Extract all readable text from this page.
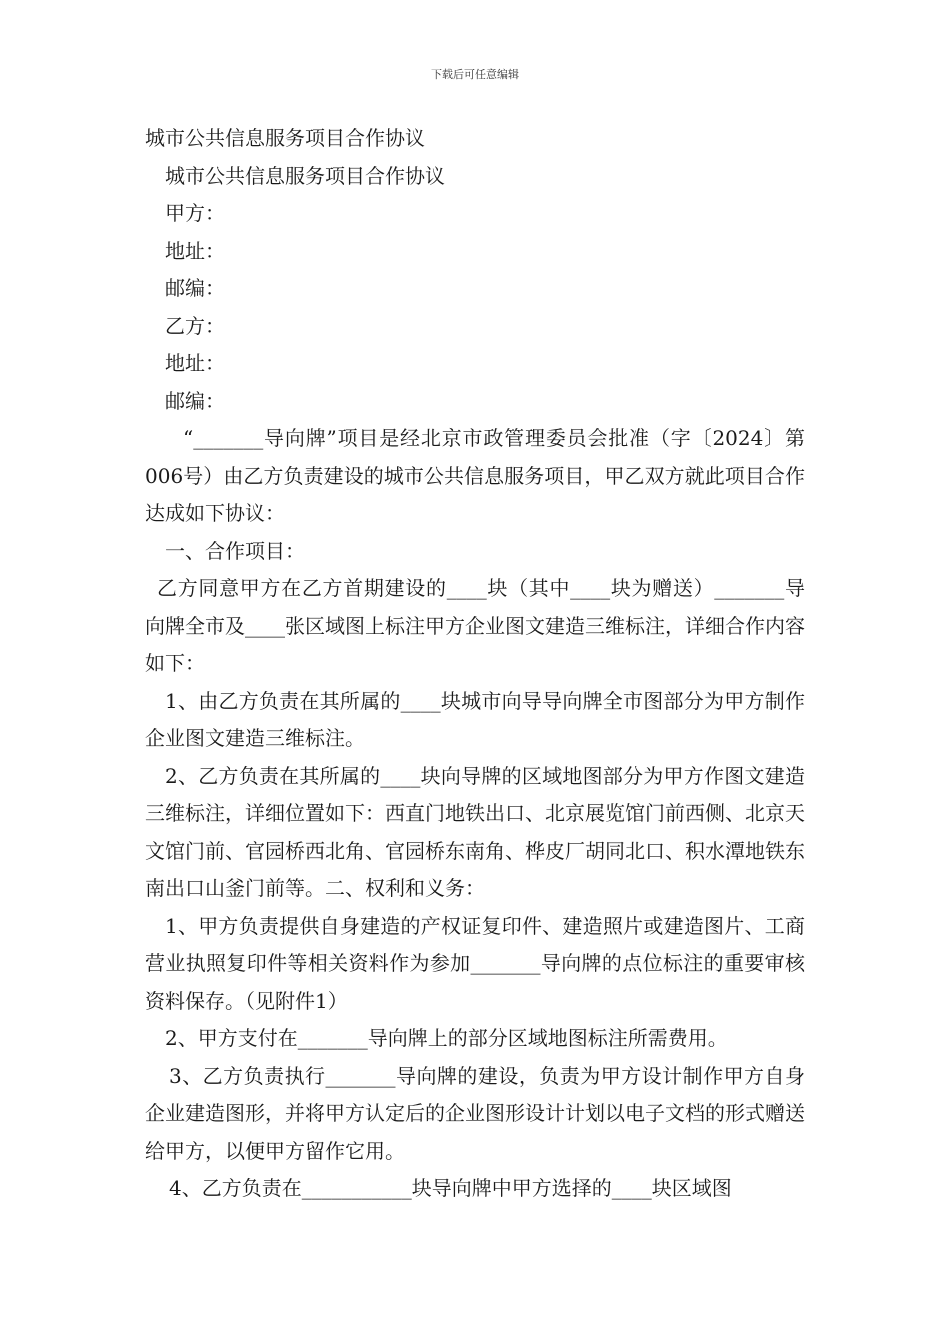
下载后可任意编辑

城市公共信息服务项目合作协议

城市公共信息服务项目合作协议

甲方：

地址：

邮编：

乙方：

地址：

邮编：

“_______导向牌”项目是经北京市政管理委员会批准（字〔2024〕第006号）由乙方负责建设的城市公共信息服务项目，甲乙双方就此项目合作达成如下协议：

一、合作项目：

乙方同意甲方在乙方首期建设的____块（其中____块为赠送）_______导向牌全市及____张区域图上标注甲方企业图文建造三维标注，详细合作内容如下：

1、由乙方负责在其所属的____块城市向导导向牌全市图部分为甲方制作企业图文建造三维标注。

2、乙方负责在其所属的____块向导牌的区域地图部分为甲方作图文建造三维标注，详细位置如下：西直门地铁出口、北京展览馆门前西侧、北京天文馆门前、官园桥西北角、官园桥东南角、桦皮厂胡同北口、积水潭地铁东南出口山釜门前等。二、权利和义务：

1、甲方负责提供自身建造的产权证复印件、建造照片或建造图片、工商营业执照复印件等相关资料作为参加_______导向牌的点位标注的重要审核资料保存。（见附件1）

2、甲方支付在_______导向牌上的部分区域地图标注所需费用。

3、乙方负责执行_______导向牌的建设，负责为甲方设计制作甲方自身企业建造图形，并将甲方认定后的企业图形设计计划以电子文档的形式赠送给甲方，以便甲方留作它用。

4、乙方负责在___________块导向牌中甲方选择的____块区域图
